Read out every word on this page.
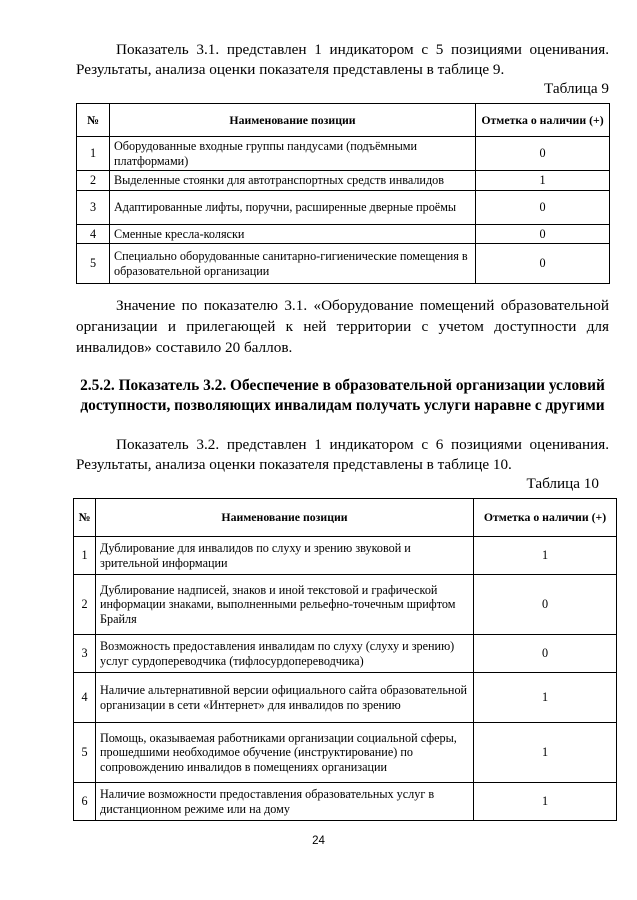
Показатель 3.1. представлен 1 индикатором с 5 позициями оценивания. Результаты, анализа оценки показателя представлены в таблице 9.

Таблица 9

№	Наименование позиции	Отметка о наличии (+)
1	Оборудованные входные группы пандусами (подъёмными платформами)	0
2	Выделенные стоянки для автотранспортных средств инвалидов	1
3	Адаптированные лифты, поручни, расширенные дверные проёмы	0
4	Сменные кресла-коляски	0
5	Специально оборудованные санитарно-гигиенические помещения в образовательной организации	0

Значение по показателю 3.1. «Оборудование помещений образовательной организации и прилегающей к ней территории с учетом доступности для инвалидов» составило 20 баллов.

2.5.2. Показатель 3.2. Обеспечение в образовательной организации условий доступности, позволяющих инвалидам получать услуги наравне с другими

Показатель 3.2. представлен 1 индикатором с 6 позициями оценивания. Результаты, анализа оценки показателя представлены в таблице 10.

Таблица 10

№	Наименование позиции	Отметка о наличии (+)
1	Дублирование для инвалидов по слуху и зрению звуковой и зрительной информации	1
2	Дублирование надписей, знаков и иной текстовой и графической информации знаками, выполненными рельефно-точечным шрифтом Брайля	0
3	Возможность предоставления инвалидам по слуху (слуху и зрению) услуг сурдопереводчика (тифлосурдопереводчика)	0
4	Наличие альтернативной версии официального сайта образовательной организации в сети «Интернет» для инвалидов по зрению	1
5	Помощь, оказываемая работниками организации социальной сферы, прошедшими необходимое обучение (инструктирование) по сопровождению инвалидов в помещениях организации	1
6	Наличие возможности предоставления образовательных услуг в дистанционном режиме или на дому	1
24
